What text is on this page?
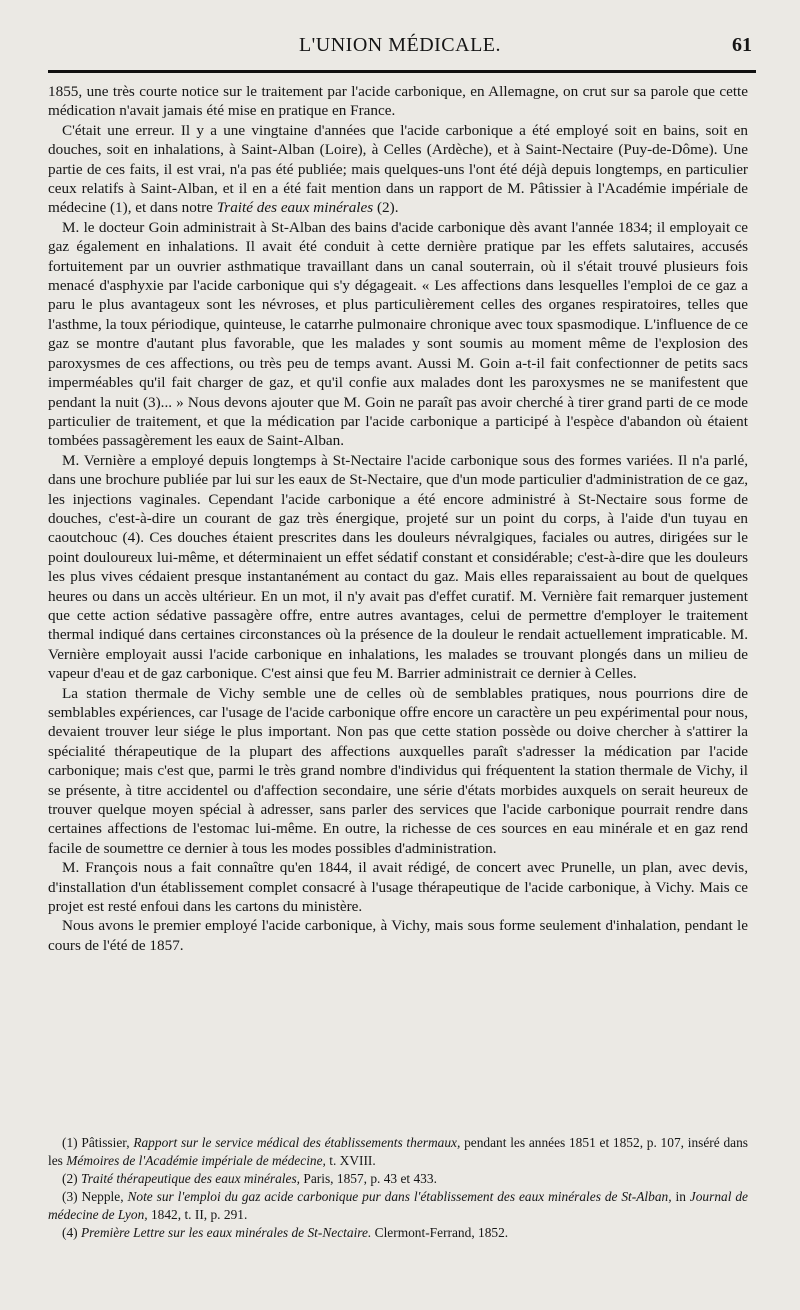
L'UNION MÉDICALE.	61

1855, une très courte notice sur le traitement par l'acide carbonique, en Allemagne, on crut sur sa parole que cette médication n'avait jamais été mise en pratique en France.

C'était une erreur. Il y a une vingtaine d'années que l'acide carbonique a été employé soit en bains, soit en douches, soit en inhalations, à Saint-Alban (Loire), à Celles (Ardèche), et à Saint-Nectaire (Puy-de-Dôme). Une partie de ces faits, il est vrai, n'a pas été publiée; mais quelques-uns l'ont été déjà depuis longtemps, en particulier ceux relatifs à Saint-Alban, et il en a été fait mention dans un rapport de M. Pâtissier à l'Académie impériale de médecine (1), et dans notre Traité des eaux minérales (2).

M. le docteur Goin administrait à St-Alban des bains d'acide carbonique dès avant l'année 1834; il employait ce gaz également en inhalations. Il avait été conduit à cette dernière pratique par les effets salutaires, accusés fortuitement par un ouvrier asthmatique travaillant dans un canal souterrain, où il s'était trouvé plusieurs fois menacé d'asphyxie par l'acide carbonique qui s'y dégageait. « Les affections dans lesquelles l'emploi de ce gaz a paru le plus avantageux sont les névroses, et plus particulièrement celles des organes respiratoires, telles que l'asthme, la toux périodique, quinteuse, le catarrhe pulmonaire chronique avec toux spasmodique. L'influence de ce gaz se montre d'autant plus favorable, que les malades y sont soumis au moment même de l'explosion des paroxysmes de ces affections, ou très peu de temps avant. Aussi M. Goin a-t-il fait confectionner de petits sacs imperméables qu'il fait charger de gaz, et qu'il confie aux malades dont les paroxysmes ne se manifestent que pendant la nuit (3)... » Nous devons ajouter que M. Goin ne paraît pas avoir cherché à tirer grand parti de ce mode particulier de traitement, et que la médication par l'acide carbonique a participé à l'espèce d'abandon où étaient tombées passagèrement les eaux de Saint-Alban.

M. Vernière a employé depuis longtemps à St-Nectaire l'acide carbonique sous des formes variées. Il n'a parlé, dans une brochure publiée par lui sur les eaux de St-Nectaire, que d'un mode particulier d'administration de ce gaz, les injections vaginales. Cependant l'acide carbonique a été encore administré à St-Nectaire sous forme de douches, c'est-à-dire un courant de gaz très énergique, projeté sur un point du corps, à l'aide d'un tuyau en caoutchouc (4). Ces douches étaient prescrites dans les douleurs névralgiques, faciales ou autres, dirigées sur le point douloureux lui-même, et déterminaient un effet sédatif constant et considérable; c'est-à-dire que les douleurs les plus vives cédaient presque instantanément au contact du gaz. Mais elles reparaissaient au bout de quelques heures ou dans un accès ultérieur. En un mot, il n'y avait pas d'effet curatif. M. Vernière fait remarquer justement que cette action sédative passagère offre, entre autres avantages, celui de permettre d'employer le traitement thermal indiqué dans certaines circonstances où la présence de la douleur le rendait actuellement impraticable. M. Vernière employait aussi l'acide carbonique en inhalations, les malades se trouvant plongés dans un milieu de vapeur d'eau et de gaz carbonique. C'est ainsi que feu M. Barrier administrait ce dernier à Celles.

La station thermale de Vichy semble une de celles où de semblables pratiques, nous pourrions dire de semblables expériences, car l'usage de l'acide carbonique offre encore un caractère un peu expérimental pour nous, devaient trouver leur siége le plus important. Non pas que cette station possède ou doive chercher à s'attirer la spécialité thérapeutique de la plupart des affections auxquelles paraît s'adresser la médication par l'acide carbonique; mais c'est que, parmi le très grand nombre d'individus qui fréquentent la station thermale de Vichy, il se présente, à titre accidentel ou d'affection secondaire, une série d'états morbides auxquels on serait heureux de trouver quelque moyen spécial à adresser, sans parler des services que l'acide carbonique pourrait rendre dans certaines affections de l'estomac lui-même. En outre, la richesse de ces sources en eau minérale et en gaz rend facile de soumettre ce dernier à tous les modes possibles d'administration.

M. François nous a fait connaître qu'en 1844, il avait rédigé, de concert avec Prunelle, un plan, avec devis, d'installation d'un établissement complet consacré à l'usage thérapeutique de l'acide carbonique, à Vichy. Mais ce projet est resté enfoui dans les cartons du ministère.

Nous avons le premier employé l'acide carbonique, à Vichy, mais sous forme seulement d'inhalation, pendant le cours de l'été de 1857.

(1) Pâtissier, Rapport sur le service médical des établissements thermaux, pendant les années 1851 et 1852, p. 107, inséré dans les Mémoires de l'Académie impériale de médecine, t. XVIII.

(2) Traité thérapeutique des eaux minérales, Paris, 1857, p. 43 et 433.

(3) Nepple, Note sur l'emploi du gaz acide carbonique pur dans l'établissement des eaux minérales de St-Alban, in Journal de médecine de Lyon, 1842, t. II, p. 291.

(4) Première Lettre sur les eaux minérales de St-Nectaire. Clermont-Ferrand, 1852.
